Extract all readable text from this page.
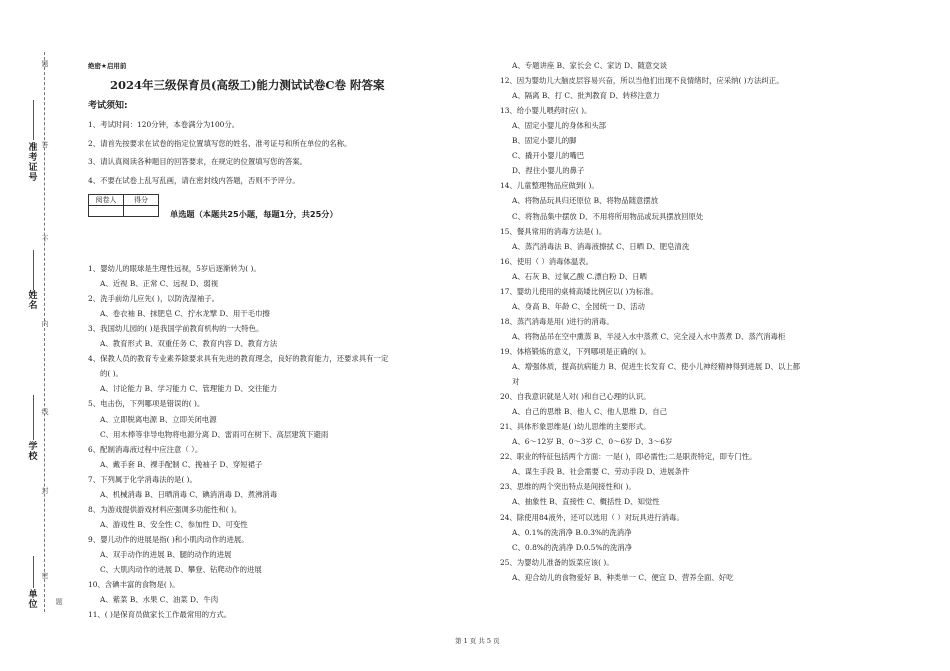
准考证号
姓名
学校
单位
题
答
不
内
线
封
密
题
绝密★启用前
2024年三级保育员(高级工)能力测试试卷C卷 附答案
考试须知:
1、考试时间：120分钟，本卷满分为100分。
2、请首先按要求在试卷的指定位置填写您的姓名、准考证号和所在单位的名称。
3、请认真阅读各种题目的回答要求，在规定的位置填写您的答案。
4、不要在试卷上乱写乱画，请在密封线内答题，否则不予评分。
阅卷人	得分

单选题（本题共25小题，每题1分，共25分）
1、婴幼儿的眼球是生理性远视，5岁后逐渐转为( )。
A、近视 B、正常 C、远视 D、弱视
2、洗手前幼儿应先( )，以防洗湿袖子。
A、卷衣袖 B、抹肥皂 C、拧水龙擘 D、用干毛巾擦
3、我国幼儿园的( )是我国学前教育机构的一大特色。
A、教育形式 B、双重任务 C、教育内容 D、教育方法
4、保教人员的教育专业素养除要求具有先进的教育理念，良好的教育能力，还要求具有一定
的( )。
A、讨论能力 B、学习能力 C、管理能力 D、交往能力
5、电击伤，下列哪项是错误的( )。
A、立即脱离电源 B、立即关闭电源
C、用木棒等非导电物将电源分离 D、雷雨可在树下、高层建筑下避雨
6、配制消毒液过程中应注意（ ）。
A、戴手套 B、裸手配制 C、挽袖子 D、穿短裙子
7、下列属于化学消毒法的是( )。
A、机械消毒 B、日晒消毒 C、碘消消毒 D、煮沸消毒
8、为游戏提供游戏材料应强调多功能性和( )。
A、游戏性 B、安全性 C、参加性 D、可变性
9、婴儿动作的进展是指( )和小肌肉动作的进展。
A、双手动作的进展 B、腿的动作的进展
C、大肌肉动作的进展 D、攀登、钻爬动作的进展
10、含碘丰富的食物是( )。
A、紫菜 B、水果 C、油菜 D、牛肉
11、( )是保育员做家长工作最常用的方式。
A、专题讲座 B、家长会 C、家访 D、随意交谈
12、因为婴幼儿大脑皮层容易兴奋，所以当他们出现不良情绪时，应采纳( )方法纠正。
A、隔离 B、打 C、批判教育 D、转移注意力
13、给小婴儿喂药时应( )。
A、固定小婴儿的身体和头部
B、固定小婴儿的脚
C、撬开小婴儿的嘴巴
D、捏住小婴儿的鼻子
14、儿童整理物品应做到( )。
A、将物品玩具归还原位 B、将物品随意摆放
C、将物品集中摆放 D、不用将所用物品或玩具摆放回原处
15、餐具常用的消毒方法是( )。
A、蒸汽消毒法 B、消毒液擦拭 C、日晒 D、肥皂清洗
16、使用（ ）消毒体温表。
A、石灰 B、过氧乙酸 C.漂白粉 D、日晒
17、婴幼儿使用的桌椅高矮比例应以( )为标准。
A、身高 B、年龄 C、全园统一 D、活动
18、蒸汽消毒是用( )进行的消毒。
A、将物品吊在空中熏蒸 B、半浸入水中蒸煮 C、完全浸入水中蒸煮 D、蒸汽消毒柜
19、体格锻炼的意义，下列哪项是正确的( )。
A、增强体质，提高抗病能力 B、促进生长发育 C、使小儿神经精神得到进展 D、以上都
对
20、自我意识就是人对( )和自己心理的认识。
A、自己的思维 B、他人 C、他人思维 D、自己
21、具体形象思维是( )幼儿思维的主要形式。
A、6～12岁 B、0～3岁 C、0～6岁 D、3～6岁
22、职业的特征包括两个方面：一是( )，即必需性;二是职责特定，即专门性。
A、谋生手段 B、社会需要 C、劳动手段 D、进展条件
23、思维的两个突出特点是间接性和( )。
A、抽象性 B、直接性 C、概括性 D、知觉性
24、除使用84液外，还可以选用（ ）对玩具进行消毒。
A、0.1%的洗消净 B.0.3%的洗消净
C、0.8%的洗消净 D.0.5%的洗消净
25、为婴幼儿准备的饭菜应该( )。
A、迎合幼儿的食物爱好 B、种类单一 C、便宜 D、营养全面、好吃
第 1 页 共 5 页
